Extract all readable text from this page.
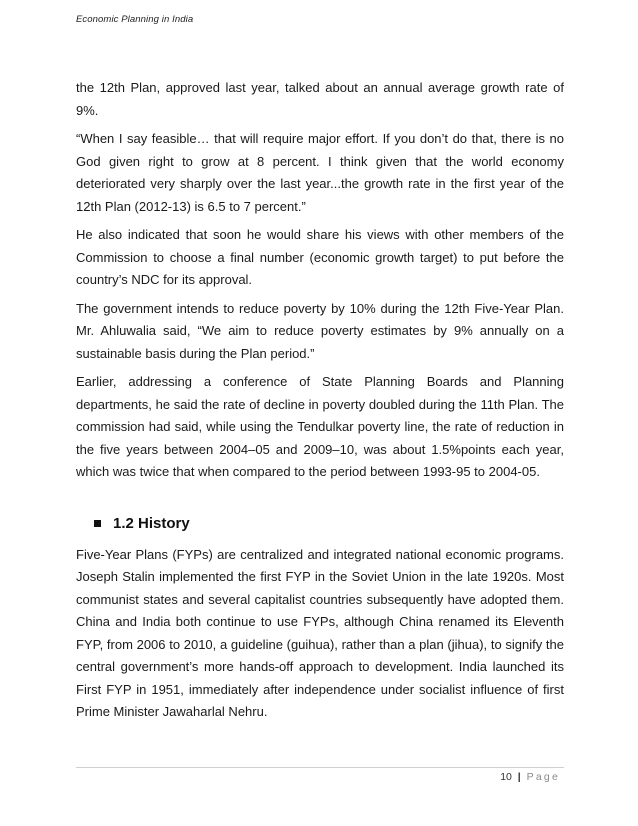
Economic Planning in India

the 12th Plan, approved last year, talked about an annual average growth rate of 9%.

“When I say feasible… that will require major effort. If you don’t do that, there is no God given right to grow at 8 percent. I think given that the world economy deteriorated very sharply over the last year...the growth rate in the first year of the 12th Plan (2012-13) is 6.5 to 7 percent.”

He also indicated that soon he would share his views with other members of the Commission to choose a final number (economic growth target) to put before the country’s NDC for its approval.

The government intends to reduce poverty by 10% during the 12th Five-Year Plan. Mr. Ahluwalia said, “We aim to reduce poverty estimates by 9% annually on a sustainable basis during the Plan period.”

Earlier, addressing a conference of State Planning Boards and Planning departments, he said the rate of decline in poverty doubled during the 11th Plan. The commission had said, while using the Tendulkar poverty line, the rate of reduction in the five years between 2004–05 and 2009–10, was about 1.5%points each year, which was twice that when compared to the period between 1993-95 to 2004-05.

1.2 History

Five-Year Plans (FYPs) are centralized and integrated national economic programs. Joseph Stalin implemented the first FYP in the Soviet Union in the late 1920s. Most communist states and several capitalist countries subsequently have adopted them. China and India both continue to use FYPs, although China renamed its Eleventh FYP, from 2006 to 2010, a guideline (guihua), rather than a plan (jihua), to signify the central government’s more hands-off approach to development. India launched its First FYP in 1951, immediately after independence under socialist influence of first Prime Minister Jawaharlal Nehru.

10 | Page
